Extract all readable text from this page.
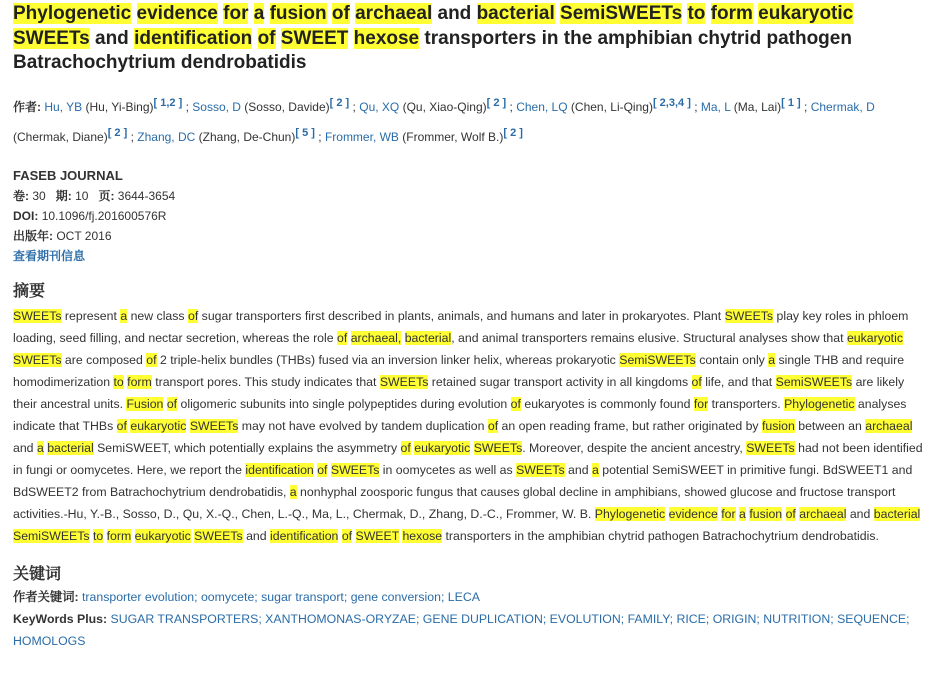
Phylogenetic evidence for a fusion of archaeal and bacterial SemiSWEETs to form eukaryotic SWEETs and identification of SWEET hexose transporters in the amphibian chytrid pathogen Batrachochytrium dendrobatidis
作者: Hu, YB (Hu, Yi-Bing)[ 1,2 ] ; Sosso, D (Sosso, Davide)[ 2 ] ; Qu, XQ (Qu, Xiao-Qing)[ 2 ] ; Chen, LQ (Chen, Li-Qing)[ 2,3,4 ] ; Ma, L (Ma, Lai)[ 1 ] ; Chermak, D (Chermak, Diane)[ 2 ] ; Zhang, DC (Zhang, De-Chun)[ 5 ] ; Frommer, WB (Frommer, Wolf B.)[ 2 ]
FASEB JOURNAL
卷: 30 期: 10 页: 3644-3654
DOI: 10.1096/fj.201600576R
出版年: OCT 2016
查看期刊信息
摘要
SWEETs represent a new class of sugar transporters first described in plants, animals, and humans and later in prokaryotes. Plant SWEETs play key roles in phloem loading, seed filling, and nectar secretion, whereas the role of archaeal, bacterial, and animal transporters remains elusive. Structural analyses show that eukaryotic SWEETs are composed of 2 triple-helix bundles (THBs) fused via an inversion linker helix, whereas prokaryotic SemiSWEETs contain only a single THB and require homodimerization to form transport pores. This study indicates that SWEETs retained sugar transport activity in all kingdoms of life, and that SemiSWEETs are likely their ancestral units. Fusion of oligomeric subunits into single polypeptides during evolution of eukaryotes is commonly found for transporters. Phylogenetic analyses indicate that THBs of eukaryotic SWEETs may not have evolved by tandem duplication of an open reading frame, but rather originated by fusion between an archaeal and a bacterial SemiSWEET, which potentially explains the asymmetry of eukaryotic SWEETs. Moreover, despite the ancient ancestry, SWEETs had not been identified in fungi or oomycetes. Here, we report the identification of SWEETs in oomycetes as well as SWEETs and a potential SemiSWEET in primitive fungi. BdSWEET1 and BdSWEET2 from Batrachochytrium dendrobatidis, a nonhyphal zoosporic fungus that causes global decline in amphibians, showed glucose and fructose transport activities.-Hu, Y.-B., Sosso, D., Qu, X.-Q., Chen, L.-Q., Ma, L., Chermak, D., Zhang, D.-C., Frommer, W. B. Phylogenetic evidence for a fusion of archaeal and bacterial SemiSWEETs to form eukaryotic SWEETs and identification of SWEET hexose transporters in the amphibian chytrid pathogen Batrachochytrium dendrobatidis.
关键词
作者关键词: transporter evolution; oomycete; sugar transport; gene conversion; LECA
KeyWords Plus: SUGAR TRANSPORTERS; XANTHOMONAS-ORYZAE; GENE DUPLICATION; EVOLUTION; FAMILY; RICE; ORIGIN; NUTRITION; SEQUENCE; HOMOLOGS
